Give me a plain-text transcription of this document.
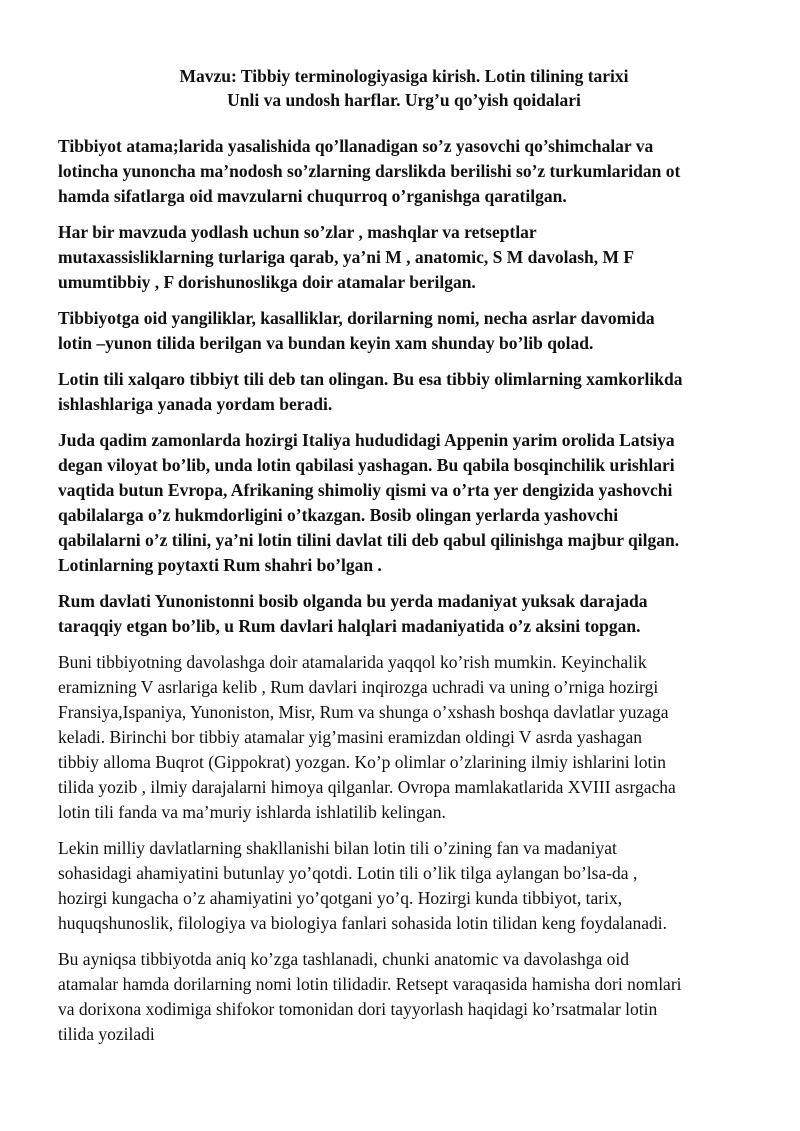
Mavzu: Tibbiy terminologiyasiga kirish. Lotin tilining tarixi
Unli va undosh harflar. Urg’u qo’yish qoidalari
Tibbiyot atama;larida yasalishida qo’llanadigan so’z yasovchi qo’shimchalar va
lotincha yunoncha ma’nodosh so’zlarning darslikda berilishi so’z turkumlaridan ot
hamda sifatlarga oid mavzularni chuqurroq o’rganishga qaratilgan.
Har bir mavzuda yodlash uchun so’zlar , mashqlar va retseptlar
mutaxassisliklarning turlariga qarab, ya’ni M , anatomic, S M davolash, M F
umumtibbiy , F dorishunoslikga doir atamalar berilgan.
Tibbiyotga oid yangiliklar, kasalliklar, dorilarning nomi, necha asrlar davomida
lotin –yunon tilida berilgan va bundan keyin xam shunday bo’lib qolad.
Lotin tili xalqaro tibbiyt tili deb tan olingan. Bu esa tibbiy olimlarning xamkorlikda
ishlashlariga yanada yordam beradi.
Juda qadim zamonlarda hozirgi Italiya hududidagi Appenin yarim orolida Latsiya
degan viloyat bo’lib, unda lotin qabilasi yashagan. Bu qabila bosqinchilik urishlari
vaqtida butun Evropa, Afrikaning shimoliy qismi va o’rta yer dengizida yashovchi
qabilalarga o’z hukmdorligini o’tkazgan. Bosib olingan yerlarda yashovchi
qabilalarni o’z tilini, ya’ni lotin tilini davlat tili deb qabul qilinishga majbur qilgan.
Lotinlarning poytaxti Rum shahri bo’lgan .
Rum davlati Yunonistonni bosib olganda bu yerda madaniyat yuksak darajada
taraqqiy etgan bo’lib, u Rum davlari halqlari madaniyatida o’z aksini topgan.
Buni tibbiyotning davolashga doir atamalarida yaqqol ko’rish mumkin. Keyinchalik
eramizning V asrlariga kelib , Rum davlari inqirozga uchradi va uning o’rniga hozirgi
Fransiya,Ispaniya, Yunoniston, Misr, Rum va shunga o’xshash boshqa davlatlar yuzaga
keladi. Birinchi bor tibbiy atamalar yig’masini eramizdan oldingi V asrda yashagan
tibbiy alloma Buqrot (Gippokrat) yozgan. Ko’p olimlar o’zlarining ilmiy ishlarini lotin
tilida yozib , ilmiy darajalarni himoya qilganlar. Ovropa mamlakatlarida XVIII asrgacha
lotin tili fanda va ma’muriy ishlarda ishlatilib kelingan.
Lekin milliy davlatlarning shakllanishi bilan lotin tili o’zining fan va madaniyat
sohasidagi ahamiyatini butunlay yo’qotdi. Lotin tili o’lik tilga aylangan bo’lsa-da ,
hozirgi kungacha o’z ahamiyatini yo’qotgani yo’q. Hozirgi kunda tibbiyot, tarix,
huquqshunoslik, filologiya va biologiya fanlari sohasida lotin tilidan keng foydalanadi.
Bu ayniqsa tibbiyotda aniq ko’zga tashlanadi, chunki anatomic va davolashga oid
atamalar hamda dorilarning nomi lotin tilidadir. Retsept varaqasida hamisha dori nomlari
va dorixona xodimiga shifokor tomonidan dori tayyorlash haqidagi ko’rsatmalar lotin
tilida yoziladi
